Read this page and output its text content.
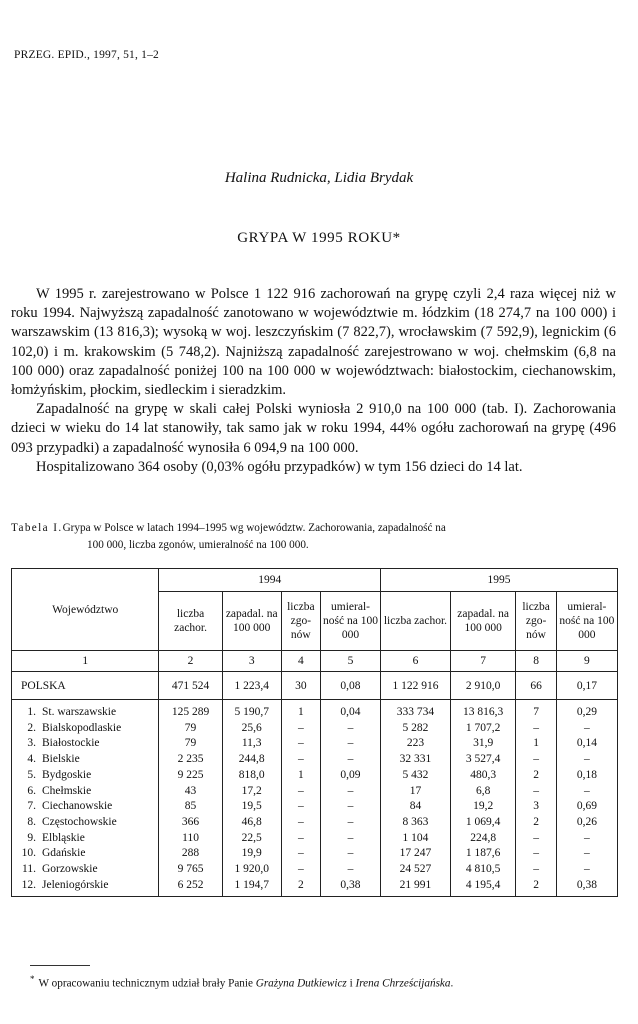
PRZEG. EPID., 1997, 51, 1–2
Halina Rudnicka, Lidia Brydak
GRYPA W 1995 ROKU*

W 1995 r. zarejestrowano w Polsce 1 122 916 zachorowań na grypę czyli 2,4 raza więcej niż w roku 1994. Najwyższą zapadalność zanotowano w województwie m. łódzkim (18 274,7 na 100 000) i warszawskim (13 816,3); wysoką w woj. leszczyńskim (7 822,7), wrocławskim (7 592,9), legnickim (6 102,0) i m. krakowskim (5 748,2). Najniższą zapadalność zarejestrowano w woj. chełmskim (6,8 na 100 000) oraz zapadalność poniżej 100 na 100 000 w województwach: białostockim, ciechanowskim, łomżyńskim, płockim, siedleckim i sieradzkim.

Zapadalność na grypę w skali całej Polski wyniosła 2 910,0 na 100 000 (tab. I). Zachorowania dzieci w wieku do 14 lat stanowiły, tak samo jak w roku 1994, 44% ogółu zachorowań na grypę (496 093 przypadki) a zapadalność wynosiła 6 094,9 na 100 000.

Hospitalizowano 364 osoby (0,03% ogółu przypadków) w tym 156 dzieci do 14 lat.

Tabela I. Grypa w Polsce w latach 1994–1995 wg województw. Zachorowania, zapadalność na
100 000, liczba zgonów, umieralność na 100 000.
Województwo	1994				1995			
	liczba zachor.	zapadal. na 100 000	liczba zgo- nów	umieral- ność na 100 000	liczba zachor.	zapadal. na 100 000	liczba zgo- nów	umieral- ność na 100 000
1	2	3	4	5	6	7	8	9
POLSKA	471 524	1 223,4	30	0,08	1 122 916	2 910,0	66	0,17
1. St. warszawskie	125 289	5 190,7	1	0,04	333 734	13 816,3	7	0,29
2. Bialskopodlaskie	79	25,6	–	–	5 282	1 707,2	–	–
3. Białostockie	79	11,3	–	–	223	31,9	1	0,14
4. Bielskie	2 235	244,8	–	–	32 331	3 527,4	–	–
5. Bydgoskie	9 225	818,0	1	0,09	5 432	480,3	2	0,18
6. Chełmskie	43	17,2	–	–	17	6,8	–	–
7. Ciechanowskie	85	19,5	–	–	84	19,2	3	0,69
8. Częstochowskie	366	46,8	–	–	8 363	1 069,4	2	0,26
9. Elbląskie	110	22,5	–	–	1 104	224,8	–	–
10. Gdańskie	288	19,9	–	–	17 247	1 187,6	–	–
11. Gorzowskie	9 765	1 920,0	–	–	24 527	4 810,5	–	–
12. Jeleniogórskie	6 252	1 194,7	2	0,38	21 991	4 195,4	2	0,38
* W opracowaniu technicznym udział brały Panie Grażyna Dutkiewicz i Irena Chrześcijańska.
